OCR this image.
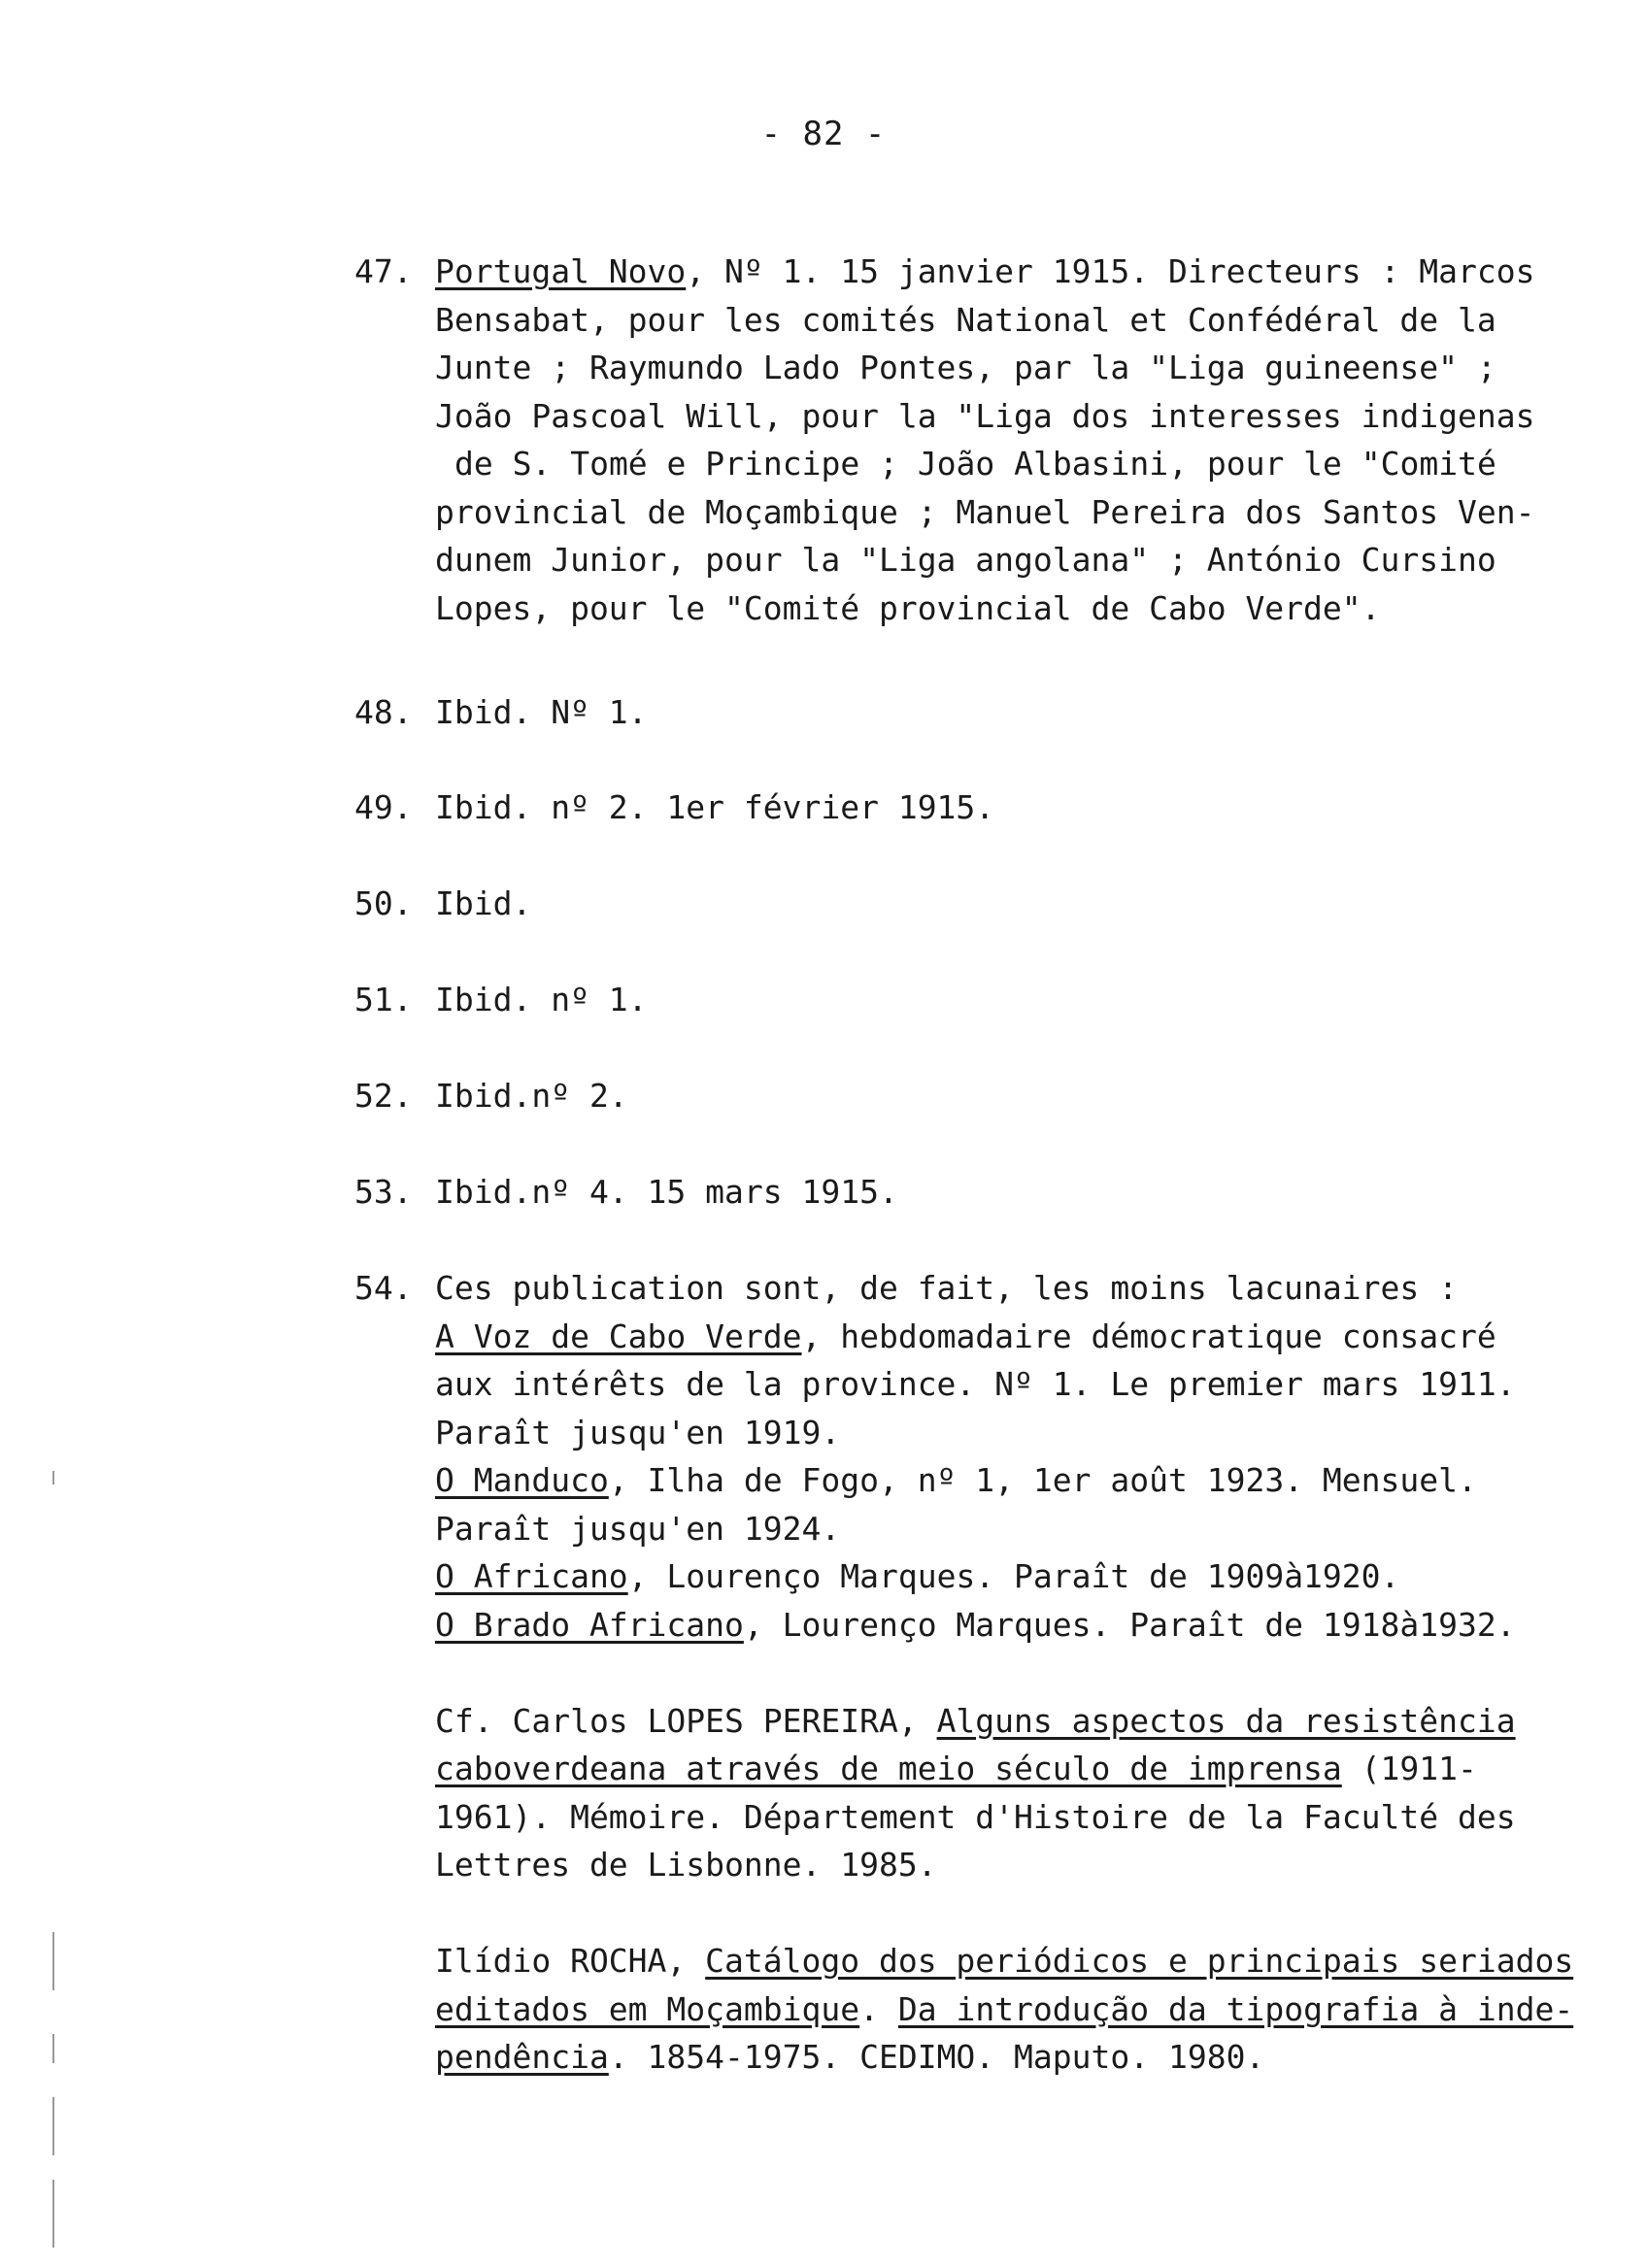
- 82 -
47. Portugal Novo, Nº 1. 15 janvier 1915. Directeurs : Marcos
Bensabat, pour les comités National et Confédéral de la
Junte ; Raymundo Lado Pontes, par la "Liga guineense" ;
João Pascoal Will, pour la "Liga dos interesses indigenas
de S. Tomé e Principe ; João Albasini, pour le "Comité
provincial de Moçambique ; Manuel Pereira dos Santos Ven-
dunem Junior, pour la "Liga angolana" ; António Cursino
Lopes, pour le "Comité provincial de Cabo Verde".
48. Ibid. Nº 1.
49. Ibid. nº 2. 1er février 1915.
50. Ibid.
51. Ibid. nº 1.
52. Ibid.nº 2.
53. Ibid.nº 4. 15 mars 1915.
54. Ces publication sont, de fait, les moins lacunaires :
A Voz de Cabo Verde, hebdomadaire démocratique consacré
aux intérêts de la province. Nº 1. Le premier mars 1911.
Paraît jusqu'en 1919.
O Manduco, Ilha de Fogo, nº 1, 1er août 1923. Mensuel.
Paraît jusqu'en 1924.
O Africano, Lourenço Marques. Paraît de 1909à1920.
O Brado Africano, Lourenço Marques. Paraît de 1918à1932.
Cf. Carlos LOPES PEREIRA, Alguns aspectos da resistência
caboverdeana através de meio século de imprensa (1911-
1961). Mémoire. Département d'Histoire de la Faculté des
Lettres de Lisbonne. 1985.
Ilídio ROCHA, Catálogo dos periódicos e principais seriados
editados em Moçambique. Da introdução da tipografia à inde-
pendência. 1854-1975. CEDIMO. Maputo. 1980.
